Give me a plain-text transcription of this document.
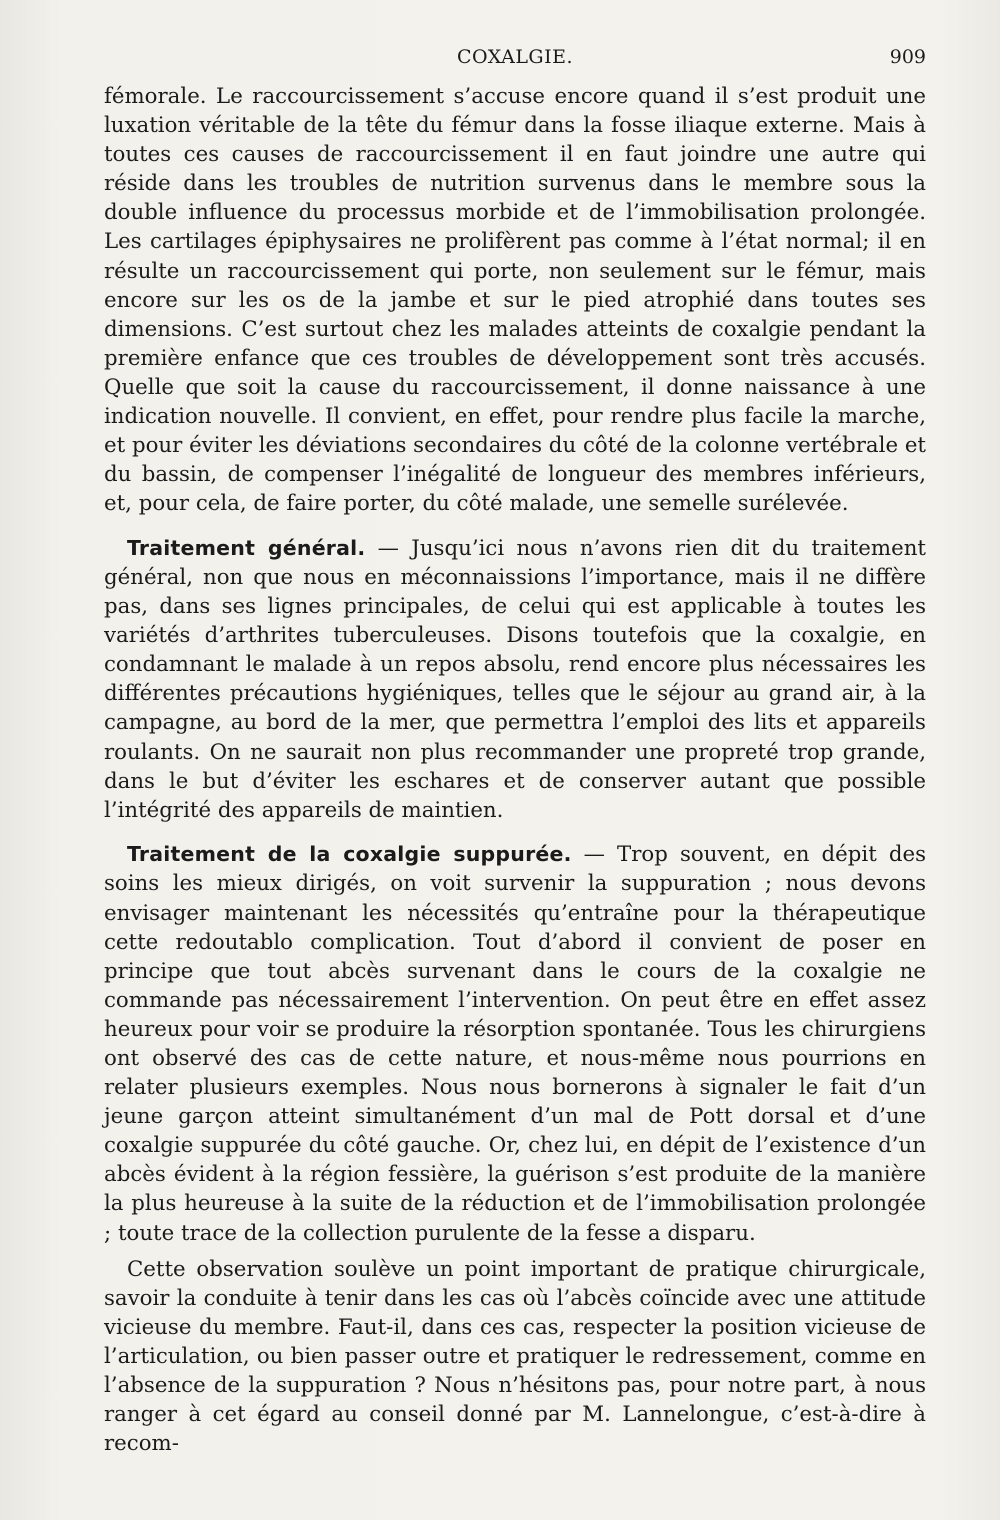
COXALGIE.	909

fémorale. Le raccourcissement s’accuse encore quand il s’est produit une luxation véritable de la tête du fémur dans la fosse iliaque externe. Mais à toutes ces causes de raccourcissement il en faut joindre une autre qui réside dans les troubles de nutrition survenus dans le membre sous la double influence du processus morbide et de l’immobilisation prolongée. Les cartilages épiphysaires ne prolifèrent pas comme à l’état normal; il en résulte un raccourcissement qui porte, non seulement sur le fémur, mais encore sur les os de la jambe et sur le pied atrophié dans toutes ses dimensions. C’est surtout chez les malades atteints de coxalgie pendant la première enfance que ces troubles de développement sont très accusés. Quelle que soit la cause du raccourcissement, il donne naissance à une indication nouvelle. Il convient, en effet, pour rendre plus facile la marche, et pour éviter les déviations secondaires du côté de la colonne vertébrale et du bassin, de compenser l’inégalité de longueur des membres inférieurs, et, pour cela, de faire porter, du côté malade, une semelle surélevée.

Traitement général. — Jusqu’ici nous n’avons rien dit du traitement général, non que nous en méconnaissions l’importance, mais il ne diffère pas, dans ses lignes principales, de celui qui est applicable à toutes les variétés d’arthrites tuberculeuses. Disons toutefois que la coxalgie, en condamnant le malade à un repos absolu, rend encore plus nécessaires les différentes précautions hygiéniques, telles que le séjour au grand air, à la campagne, au bord de la mer, que permettra l’emploi des lits et appareils roulants. On ne saurait non plus recommander une propreté trop grande, dans le but d’éviter les eschares et de conserver autant que possible l’intégrité des appareils de maintien.

Traitement de la coxalgie suppurée. — Trop souvent, en dépit des soins les mieux dirigés, on voit survenir la suppuration ; nous devons envisager maintenant les nécessités qu’entraîne pour la thérapeutique cette redoutablo complication. Tout d’abord il convient de poser en principe que tout abcès survenant dans le cours de la coxalgie ne commande pas nécessairement l’intervention. On peut être en effet assez heureux pour voir se produire la résorption spontanée. Tous les chirurgiens ont observé des cas de cette nature, et nous-même nous pourrions en relater plusieurs exemples. Nous nous bornerons à signaler le fait d’un jeune garçon atteint simultanément d’un mal de Pott dorsal et d’une coxalgie suppurée du côté gauche. Or, chez lui, en dépit de l’existence d’un abcès évident à la région fessière, la guérison s’est produite de la manière la plus heureuse à la suite de la réduction et de l’immobilisation prolongée ; toute trace de la collection purulente de la fesse a disparu.

Cette observation soulève un point important de pratique chirurgicale, savoir la conduite à tenir dans les cas où l’abcès coïncide avec une attitude vicieuse du membre. Faut-il, dans ces cas, respecter la position vicieuse de l’articulation, ou bien passer outre et pratiquer le redressement, comme en l’absence de la suppuration ? Nous n’hésitons pas, pour notre part, à nous ranger à cet égard au conseil donné par M. Lannelongue, c’est-à-dire à recom-
